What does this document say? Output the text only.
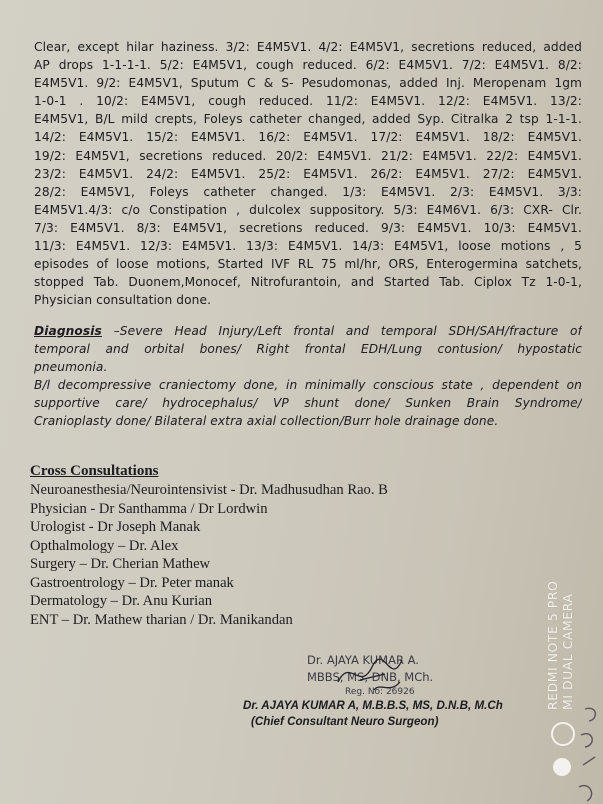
Clear, except hilar haziness. 3/2: E4M5V1. 4/2: E4M5V1, secretions reduced, added
AP drops 1-1-1-1. 5/2: E4M5V1, cough reduced. 6/2: E4M5V1. 7/2: E4M5V1. 8/2:
E4M5V1. 9/2: E4M5V1, Sputum C & S- Pesudomonas, added Inj. Meropenam 1gm
1-0-1 . 10/2: E4M5V1, cough reduced. 11/2: E4M5V1. 12/2: E4M5V1. 13/2:
E4M5V1, B/L mild crepts, Foleys catheter changed, added Syp. Citralka 2 tsp 1-1-1.
14/2: E4M5V1. 15/2: E4M5V1. 16/2: E4M5V1. 17/2: E4M5V1. 18/2: E4M5V1.
19/2: E4M5V1, secretions reduced. 20/2: E4M5V1. 21/2: E4M5V1. 22/2: E4M5V1.
23/2: E4M5V1. 24/2: E4M5V1. 25/2: E4M5V1. 26/2: E4M5V1. 27/2: E4M5V1.
28/2: E4M5V1, Foleys catheter changed. 1/3: E4M5V1. 2/3: E4M5V1. 3/3:
E4M5V1.4/3: c/o Constipation , dulcolex suppository. 5/3: E4M6V1. 6/3: CXR- Clr.
7/3: E4M5V1. 8/3: E4M5V1, secretions reduced. 9/3: E4M5V1. 10/3: E4M5V1.
11/3: E4M5V1. 12/3: E4M5V1. 13/3: E4M5V1. 14/3: E4M5V1, loose motions , 5
episodes of loose motions, Started IVF RL 75 ml/hr, ORS, Enterogermina satchets,
stopped Tab. Duonem,Monocef, Nitrofurantoin, and Started Tab. Ciplox Tz 1-0-1,
Physician consultation done.
Diagnosis –Severe Head Injury/Left frontal and temporal SDH/SAH/fracture of
temporal and orbital bones/ Right frontal EDH/Lung contusion/ hypostatic
pneumonia.
B/l decompressive craniectomy done, in minimally conscious state , dependent on
supportive care/ hydrocephalus/ VP shunt done/ Sunken Brain Syndrome/
Cranioplasty done/ Bilateral extra axial collection/Burr hole drainage done.
Cross Consultations
Neuroanesthesia/Neurointensivist - Dr. Madhusudhan Rao. B
Physician - Dr Santhamma / Dr Lordwin
Urologist - Dr Joseph Manak
Opthalmology – Dr. Alex
Surgery – Dr. Cherian Mathew
Gastroentrology – Dr. Peter manak
Dermatology – Dr. Anu Kurian
ENT – Dr. Mathew tharian / Dr. Manikandan
Dr. AJAYA KUMAR A.
MBBS, MS, DNB, MCh.
Reg. No: 26926
Dr. AJAYA KUMAR A, M.B.B.S, MS, D.N.B, M.Ch
(Chief Consultant Neuro Surgeon)
REDMI NOTE 5 PRO MI DUAL CAMERA
